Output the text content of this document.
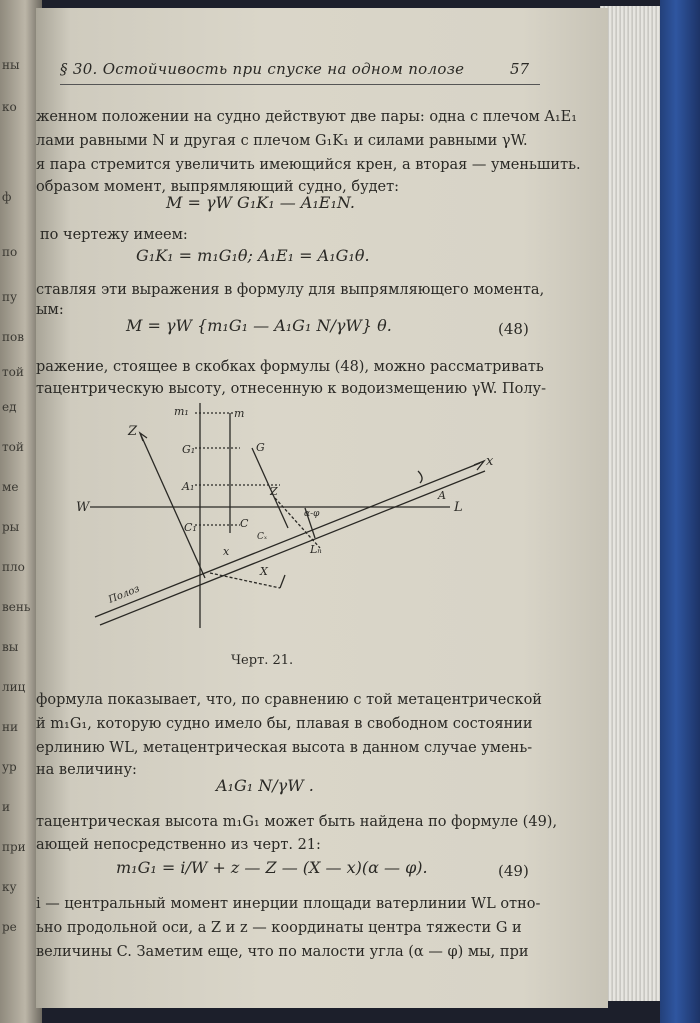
ны
ко
ф
по
пу
пов
той
ед
той
ме
ры
пло
вень
вы
лиц
ни
ур
и
при
ку
ре
§ 30. Остойчивость при спуске на одном полозе	57
женном положении на судно действуют две пары: одна с плечом A₁E₁
лами равными N и другая с плечом G₁K₁ и силами равными γW.
я пара стремится увеличить имеющийся крен, а вторая — уменьшить.
образом момент, выпрямляющий судно, будет:
M = γW G₁K₁ — A₁E₁N.
по чертежу имеем:
G₁K₁ = m₁G₁θ; A₁E₁ = A₁G₁θ.
ставляя эти выражения в формулу для выпрямляющего момента,
ым:
M = γW {m₁G₁ — A₁G₁ N/γW} θ.	(48)
ражение, стоящее в скобках формулы (48), можно рассматривать
тацентрическую высоту, отнесенную к водоизмещению γW. Полу-
m₁	m
Z
G₁	G
Z
A₁
W	L
x
A
C₁	C
Cₓ
Lₙ
x
X
α-φ
Полоз
Черт. 21.
формула показывает, что, по сравнению с той метацентрической
й m₁G₁, которую судно имело бы, плавая в свободном состоянии
ерлинию WL, метацентрическая высота в данном случае умень-
на величину:
A₁G₁ N/γW .
тацентрическая высота m₁G₁ может быть найдена по формуле (49),
ающей непосредственно из черт. 21:
m₁G₁ = i/W + z — Z — (X — x)(α — φ).	(49)
i — центральный момент инерции площади ватерлинии WL отно-
ьно продольной оси, а Z и z — координаты центра тяжести G и
величины C. Заметим еще, что по малости угла (α — φ) мы, при
